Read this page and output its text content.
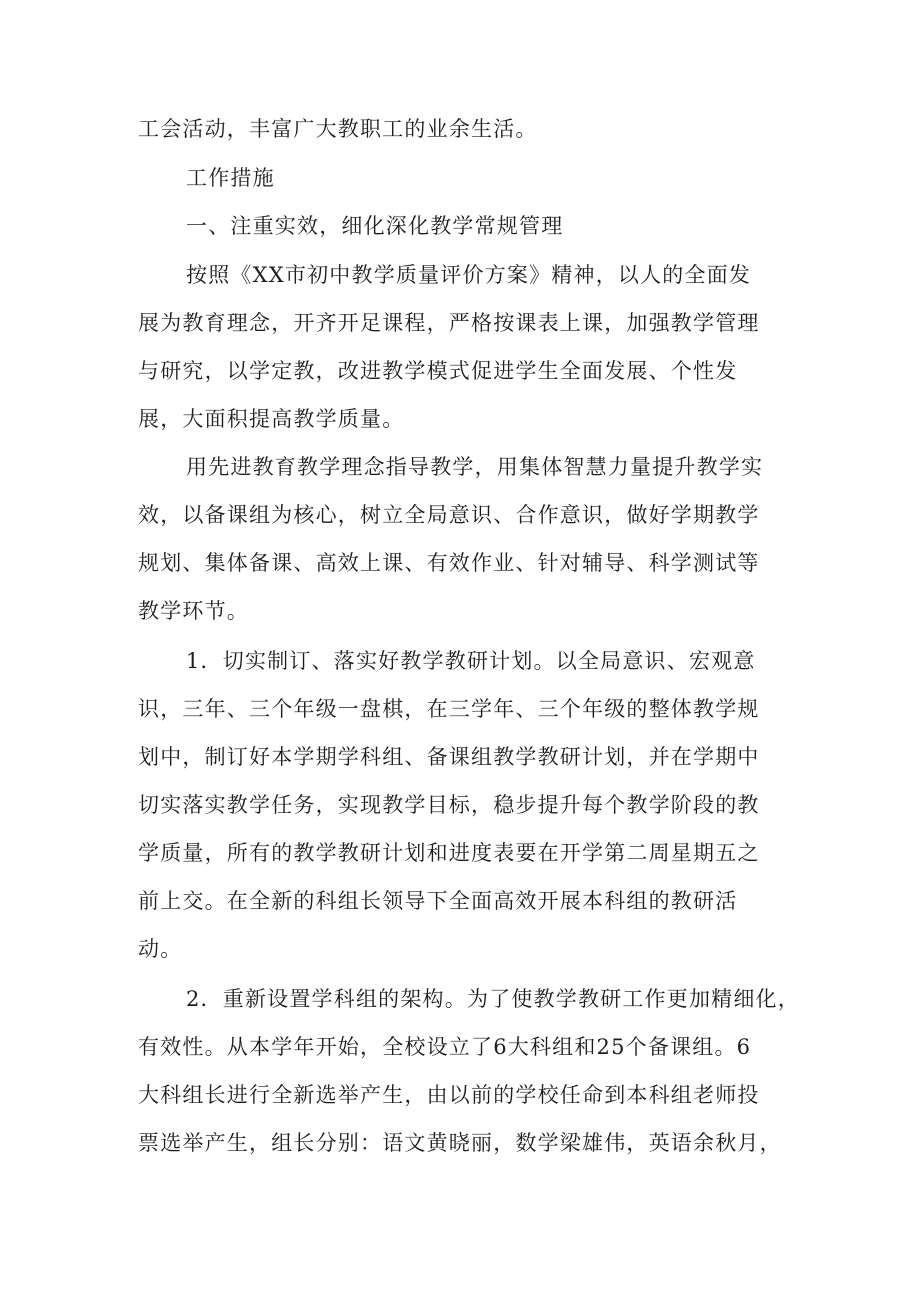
工会活动，丰富广大教职工的业余生活。

工作措施

一、注重实效，细化深化教学常规管理

按照《XX市初中教学质量评价方案》精神，以人的全面发

展为教育理念，开齐开足课程，严格按课表上课，加强教学管理

与研究，以学定教，改进教学模式促进学生全面发展、个性发

展，大面积提高教学质量。

用先进教育教学理念指导教学，用集体智慧力量提升教学实

效，以备课组为核心，树立全局意识、合作意识，做好学期教学

规划、集体备课、高效上课、有效作业、针对辅导、科学测试等

教学环节。

1．切实制订、落实好教学教研计划。以全局意识、宏观意

识，三年、三个年级一盘棋，在三学年、三个年级的整体教学规

划中，制订好本学期学科组、备课组教学教研计划，并在学期中

切实落实教学任务，实现教学目标，稳步提升每个教学阶段的教

学质量，所有的教学教研计划和进度表要在开学第二周星期五之

前上交。在全新的科组长领导下全面高效开展本科组的教研活

动。

2．重新设置学科组的架构。为了使教学教研工作更加精细化，

有效性。从本学年开始，全校设立了6大科组和25个备课组。6

大科组长进行全新选举产生，由以前的学校任命到本科组老师投

票选举产生，组长分别：语文黄晓丽，数学梁雄伟，英语余秋月，
